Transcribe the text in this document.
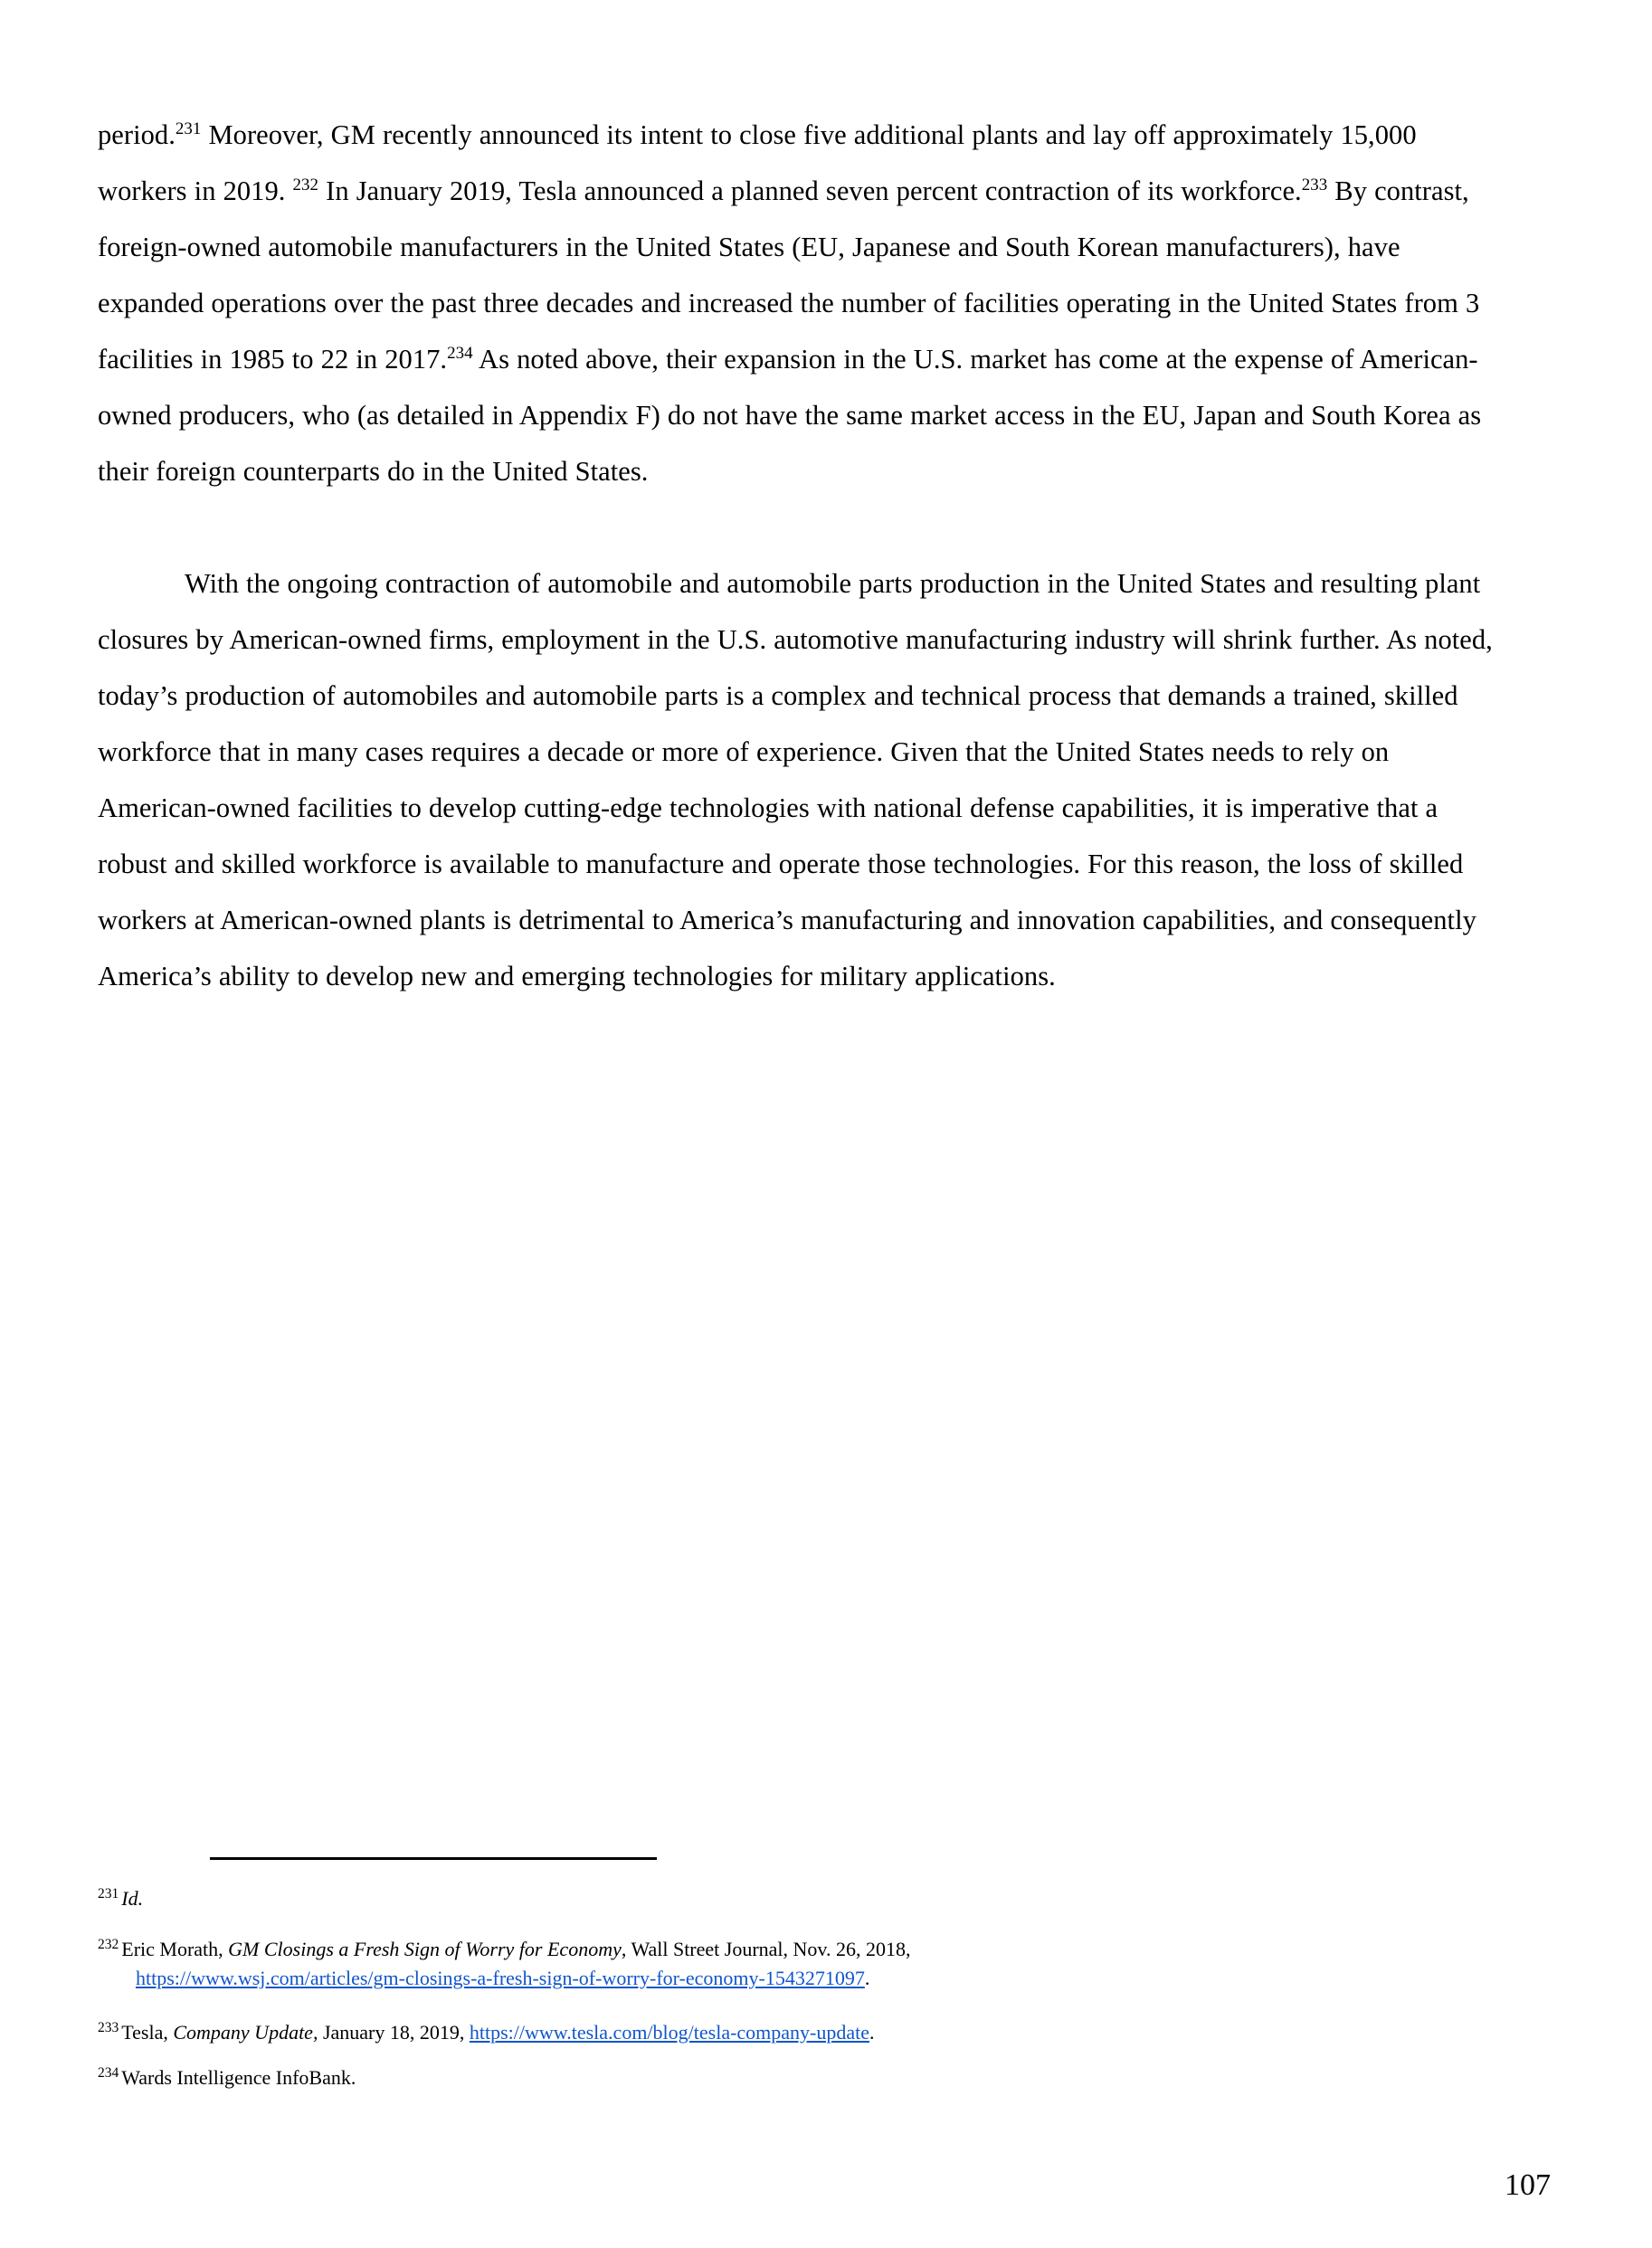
period.$^{231}$ Moreover, GM recently announced its intent to close five additional plants and lay off approximately 15,000 workers in 2019. $^{232}$ In January 2019, Tesla announced a planned seven percent contraction of its workforce.$^{233}$ By contrast, foreign-owned automobile manufacturers in the United States (EU, Japanese and South Korean manufacturers), have expanded operations over the past three decades and increased the number of facilities operating in the United States from 3 facilities in 1985 to 22 in 2017.$^{234}$ As noted above, their expansion in the U.S. market has come at the expense of American-owned producers, who (as detailed in Appendix F) do not have the same market access in the EU, Japan and South Korea as their foreign counterparts do in the United States.

With the ongoing contraction of automobile and automobile parts production in the United States and resulting plant closures by American-owned firms, employment in the U.S. automotive manufacturing industry will shrink further. As noted, today’s production of automobiles and automobile parts is a complex and technical process that demands a trained, skilled workforce that in many cases requires a decade or more of experience. Given that the United States needs to rely on American-owned facilities to develop cutting-edge technologies with national defense capabilities, it is imperative that a robust and skilled workforce is available to manufacture and operate those technologies. For this reason, the loss of skilled workers at American-owned plants is detrimental to America’s manufacturing and innovation capabilities, and consequently America’s ability to develop new and emerging technologies for military applications.

$^{231}$ Id.

$^{232}$ Eric Morath, GM Closings a Fresh Sign of Worry for Economy, Wall Street Journal, Nov. 26, 2018,
https://www.wsj.com/articles/gm-closings-a-fresh-sign-of-worry-for-economy-1543271097.

$^{233}$ Tesla, Company Update, January 18, 2019, https://www.tesla.com/blog/tesla-company-update.

$^{234}$ Wards Intelligence InfoBank.

107
